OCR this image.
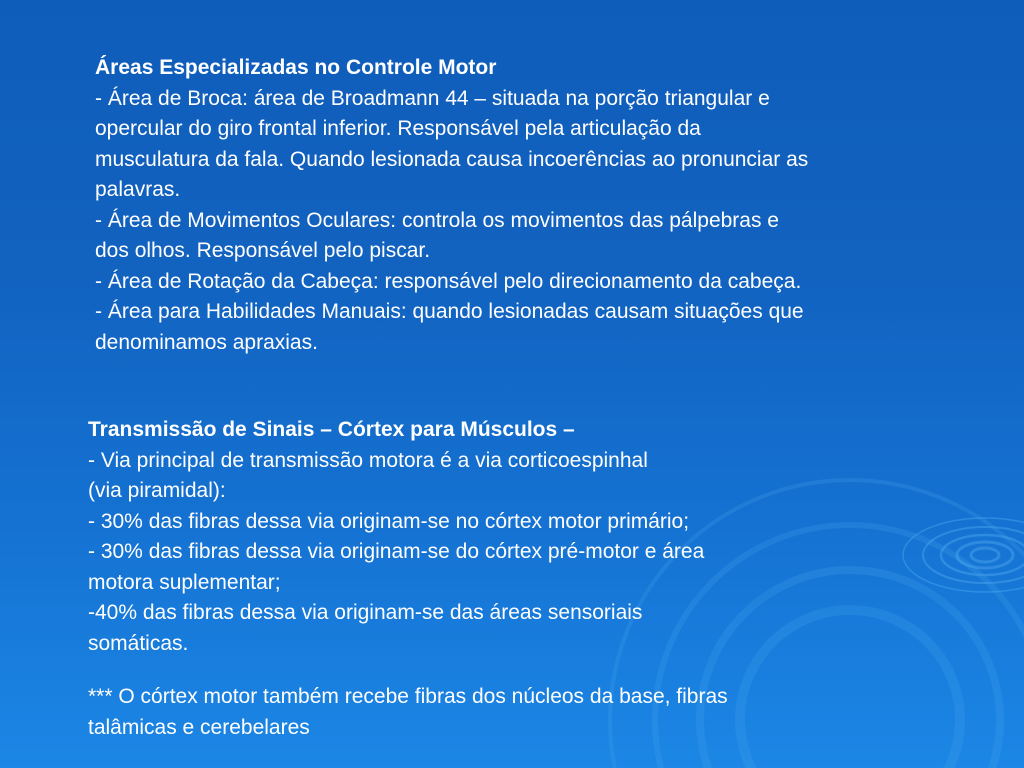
Áreas Especializadas no Controle Motor
- Área de Broca: área de Broadmann 44 – situada na porção triangular e
opercular do giro frontal inferior. Responsável pela articulação da
musculatura da fala. Quando lesionada causa incoerências ao pronunciar as
palavras.
- Área de Movimentos Oculares: controla os movimentos das pálpebras e
dos olhos. Responsável pelo piscar.
- Área de Rotação da Cabeça: responsável pelo direcionamento da cabeça.
- Área para Habilidades Manuais: quando lesionadas causam situações que
denominamos apraxias.
Transmissão de Sinais – Córtex para Músculos –
- Via principal de transmissão motora é a via corticoespinhal
(via piramidal):
- 30% das fibras dessa via originam-se no córtex motor primário;
- 30% das fibras dessa via originam-se do córtex pré-motor e área
motora suplementar;
-40% das fibras dessa via originam-se das áreas sensoriais
somáticas.
*** O córtex motor também recebe fibras dos núcleos da base, fibras
talâmicas e cerebelares
